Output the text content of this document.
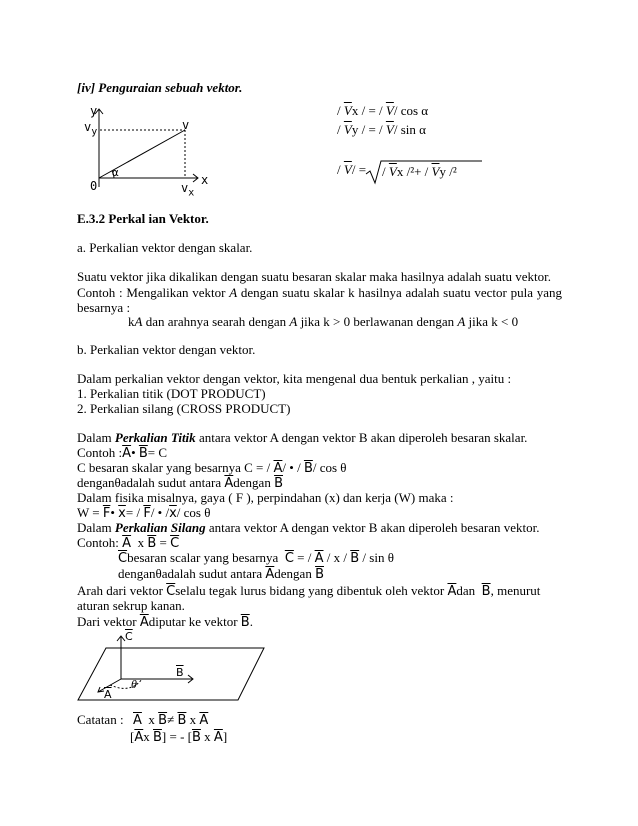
[iv] Penguraian sebuah vektor.
y
$v_y$	v
0	x
$v_x$
α
/ $\overline{V}x$ / = / $\overline{V}/$ cos α
/ $\overline{V}y$ / = / $\overline{V}/$ sin α
/ $\overline{V}/$ = / $\overline{V}x$ $/^2+ / \overline{V}y$ /²
E.3.2 Perkal ian Vektor.
a. Perkalian vektor dengan skalar.
Suatu vektor jika dikalikan dengan suatu besaran skalar maka hasilnya adalah suatu vektor.
Contoh : Mengalikan vektor A dengan suatu skalar k hasilnya adalah suatu vector pula yang
besarnya :
kA dan arahnya searah dengan A jika k > 0 berlawanan dengan A jika k < 0
b. Perkalian vektor dengan vektor.
Dalam perkalian vektor dengan vektor, kita mengenal dua bentuk perkalian , yaitu :
1. Perkalian titik (DOT PRODUCT)
2. Perkalian silang (CROSS PRODUCT)
Dalam Perkalian Titik antara vektor A dengan vektor B akan diperoleh besaran skalar.
Contoh $:\overline{A}•$ $\overline{B}= C$
C besaran skalar yang besarnya C = / $\overline{A}/$ • / $\overline{B}/$ cos θ
denganθadalah sudut antara $\overline{A}dengan$ $\overline{B}$
Dalam fisika misalnya, gaya ( F ), perpindahan (x) dan kerja (W) maka :
$W = \overline{F}•$ $\overline{x}= / \overline{F}/$ • $/\overline{x}/$ cos θ
Dalam Perkalian Silang antara vektor A dengan vektor B akan diperoleh besaran vektor.
Contoh: $\overline{A}$ x $\overline{B} = \overline{C}$
$\overline{C}besaran$ scalar yang besarnya $\overline{C}$ = / $\overline{A}$ / x / $\overline{B}$ / sin θ
denganθadalah sudut antara $\overline{A}dengan$ $\overline{B}$
Arah dari vektor $\overline{C}selalu$ tegak lurus bidang yang dibentuk oleh vektor $\overline{A}dan$ $\overline{B}$, menurut
aturan sekrup kanan.
Dari vektor $\overline{A}diputar$ ke vektor $\overline{B}$.
$\overline{C}$
$\overline{B}$
$\overline{A}$
θ
Catatan : $\overline{A}$ x $\overline{B}\ne \overline{B}$ x $\overline{A}$
[$\overline{A}x$ $\overline{B}$] = - [$\overline{B}$ x $\overline{A}$]
